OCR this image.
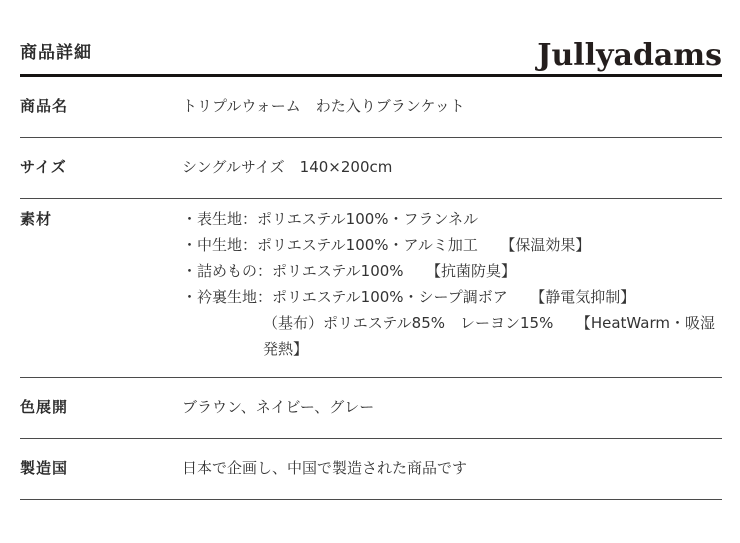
商品詳細	Jullyadams
商品名	トリプルウォーム　わた入りブランケット
サイズ	シングルサイズ　140×200cm
素材	・表生地：ポリエステル100%・フランネル
・中生地：ポリエステル100%・アルミ加工　　【保温効果】
・詰めもの：ポリエステル100%　　【抗菌防臭】
・衿裏生地：ポリエステル100%・シープ調ボア　　【静電気抑制】
（基布）ポリエステル85%　レーヨン15%　　【HeatWarm・吸湿発熱】
色展開	ブラウン、ネイビー、グレー
製造国	日本で企画し、中国で製造された商品です
